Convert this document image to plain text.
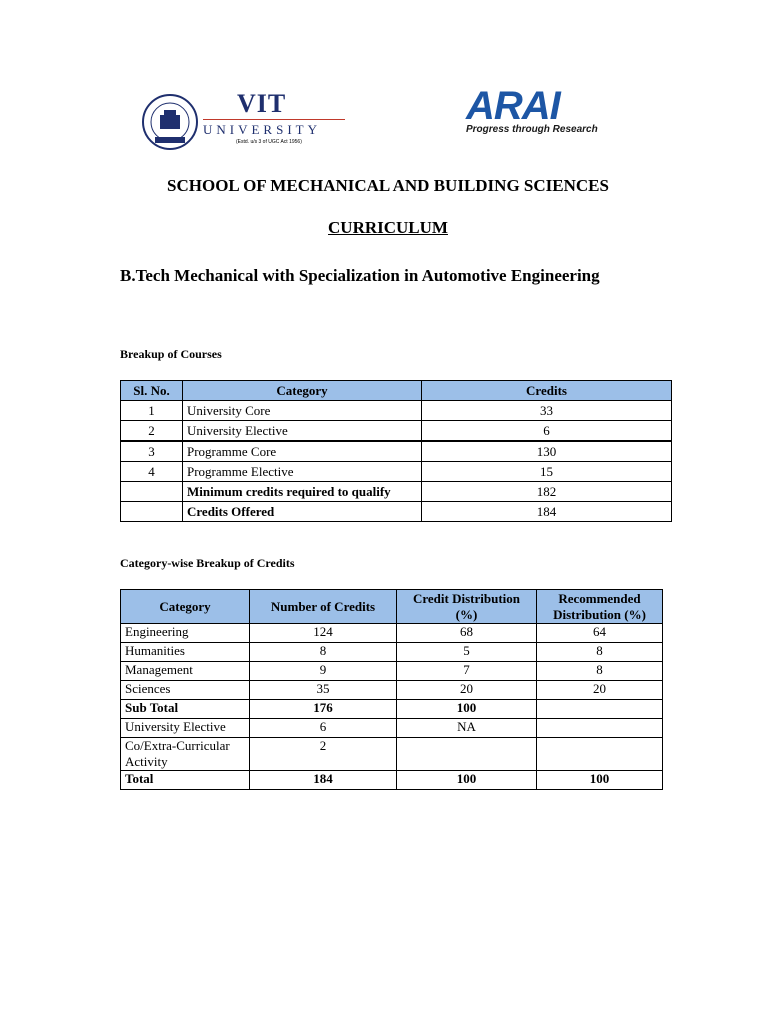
VIT
UNIVERSITY
(Estd. u/s 3 of UGC Act 1956)
ARAI
Progress through Research
SCHOOL OF MECHANICAL AND BUILDING SCIENCES
CURRICULUM
B.Tech Mechanical with Specialization in Automotive Engineering
Breakup of Courses
Sl. No.	Category	Credits
1	University Core	33
2	University Elective	6
3	Programme Core	130
4	Programme Elective	15
	Minimum credits required to qualify	182
	Credits Offered	184
Category-wise Breakup of Credits
Category	Number of Credits	Credit Distribution (%)	Recommended Distribution (%)
Engineering	124	68	64
Humanities	8	5	8
Management	9	7	8
Sciences	35	20	20
Sub Total	176	100	
University Elective	6	NA	
Co/Extra-Curricular Activity	2		
Total	184	100	100
